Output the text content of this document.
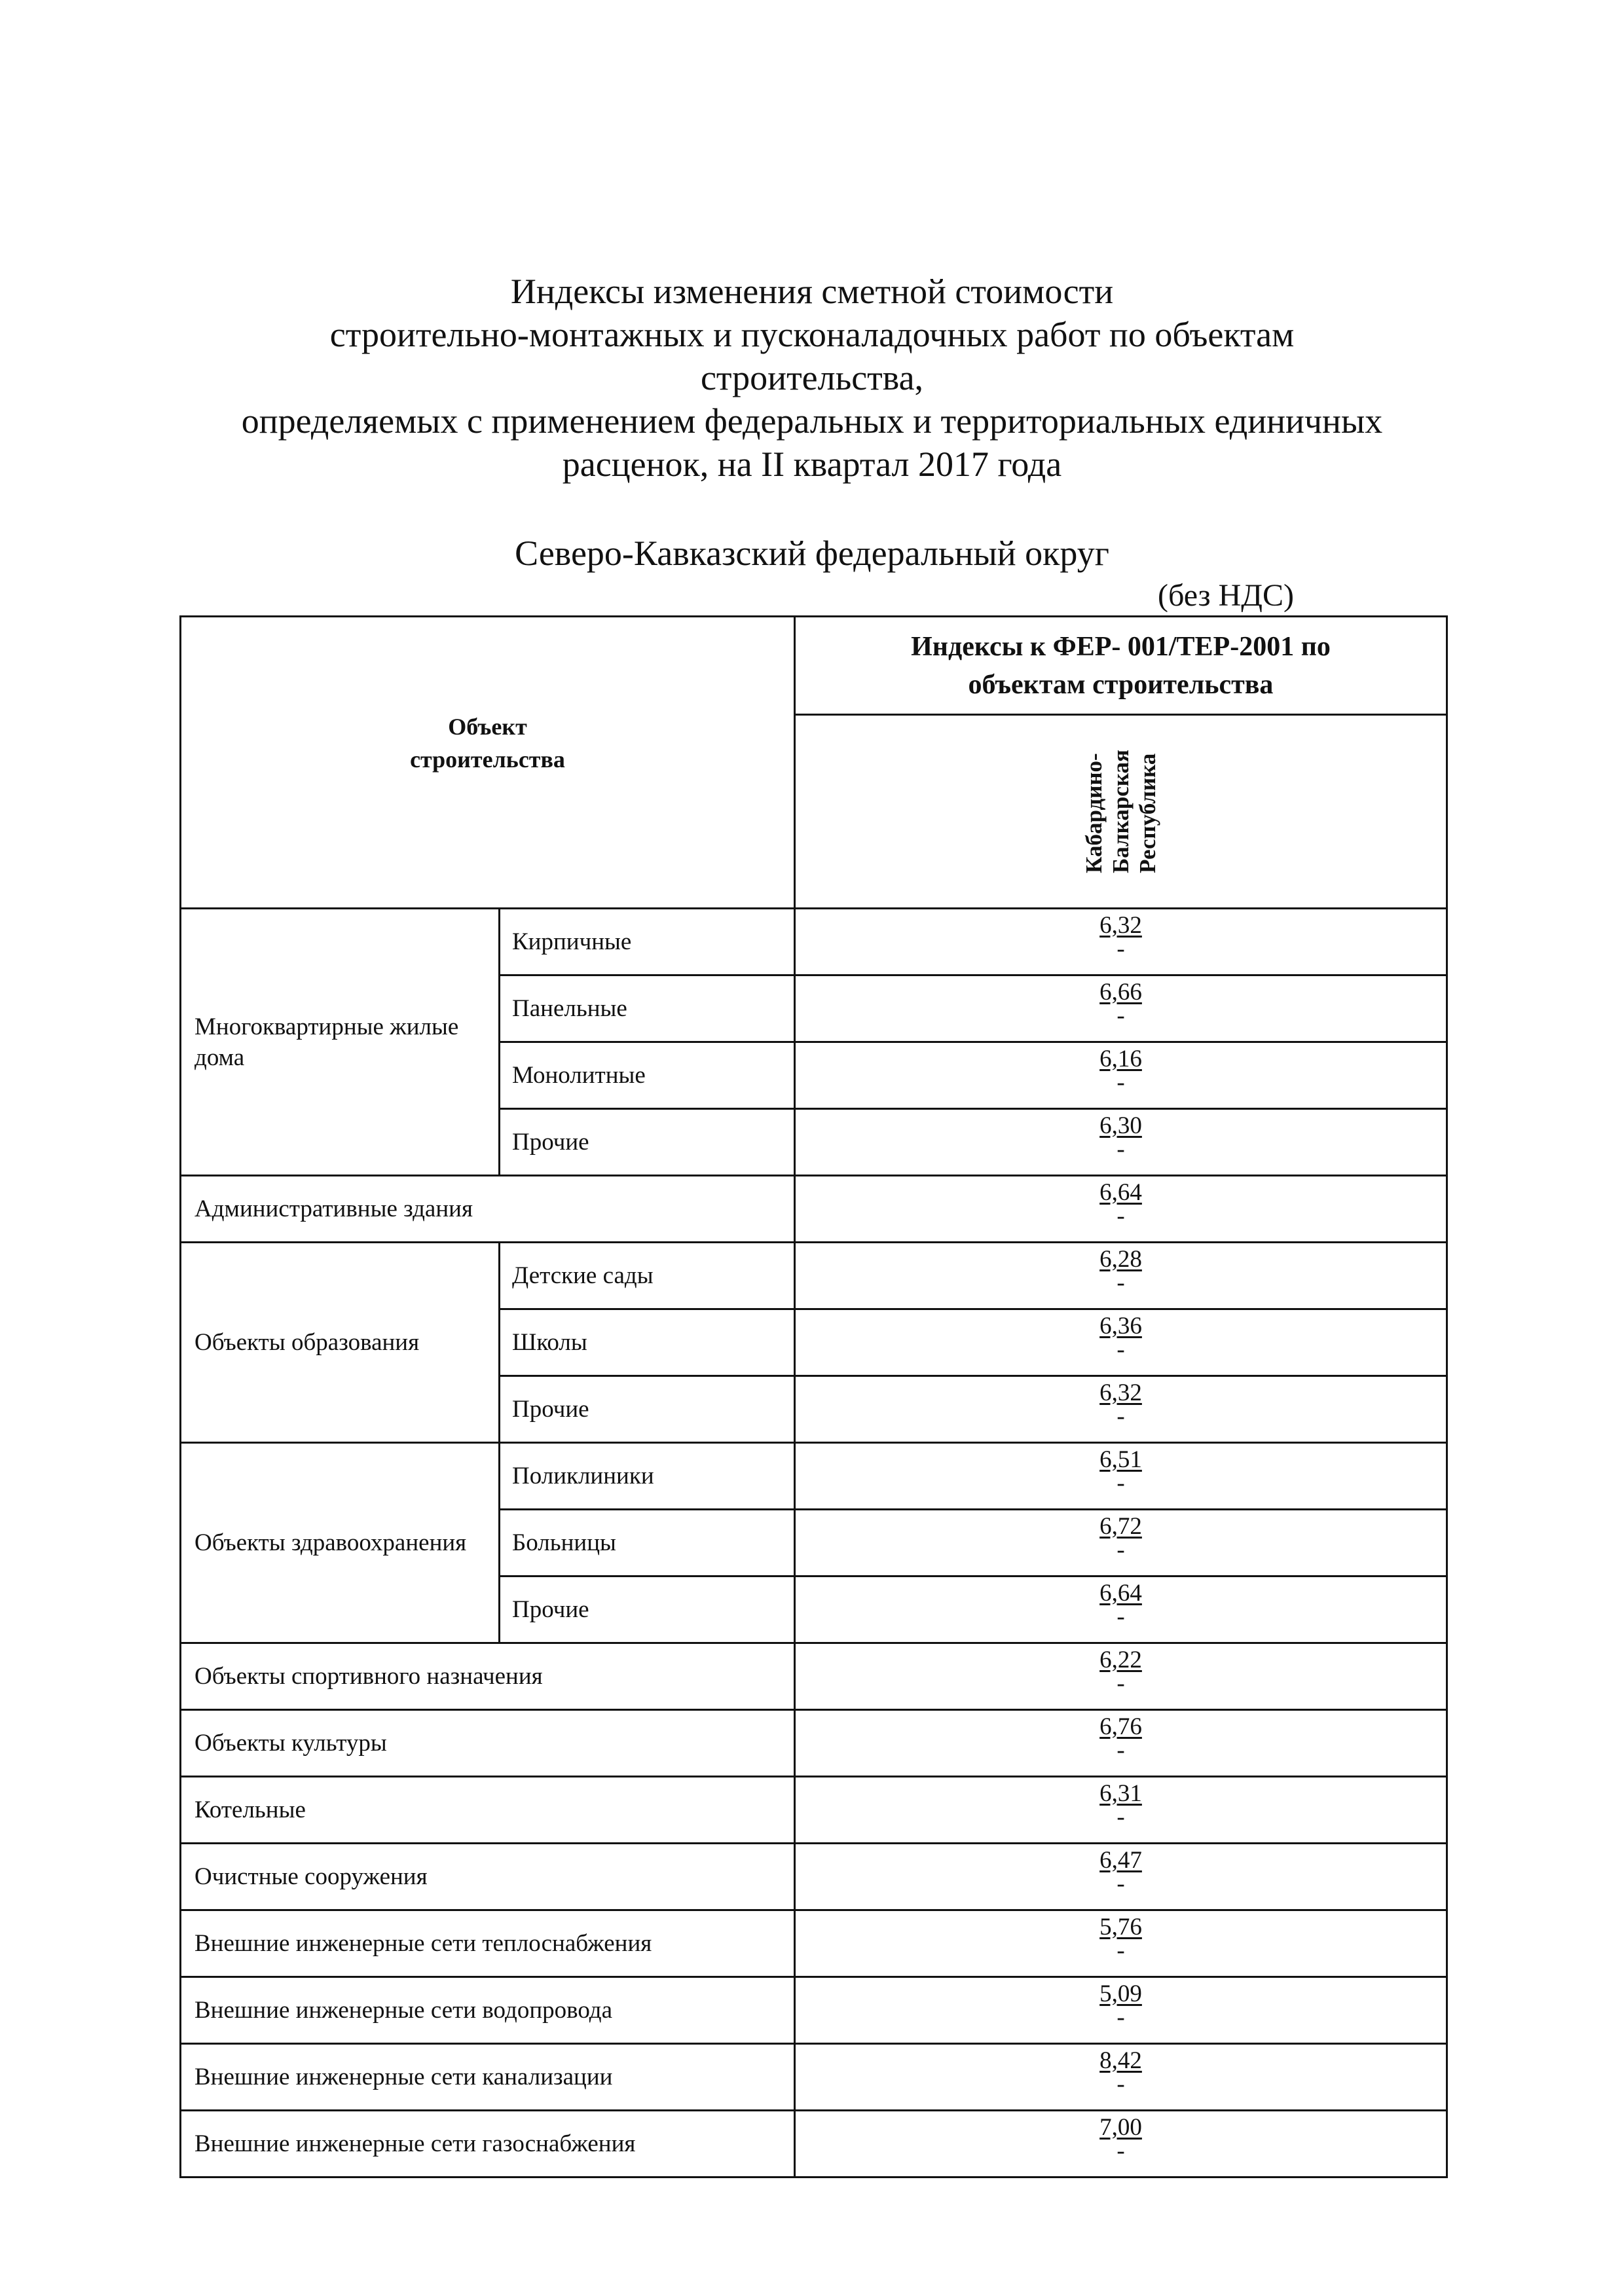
Индексы изменения сметной стоимости
строительно-монтажных и пусконаладочных работ по объектам
строительства,
определяемых с применением федеральных и территориальных единичных
расценок, на II квартал 2017 года
Северо-Кавказский федеральный округ
(без НДС)
Объект
строительства		Индексы к ФЕР- 001/ТЕР-2001 по
объектам строительства
		Кабардино-
Балкарская
Республика
Многоквартирные жилые дома	Кирпичные	6,32
-

	Панельные	6,66
-

	Монолитные	6,16
-

	Прочие	6,30
-

Административные здания		6,64
-

Объекты образования	Детские сады	6,28
-

	Школы	6,36
-

	Прочие	6,32
-

Объекты здравоохранения	Поликлиники	6,51
-

	Больницы	6,72
-

	Прочие	6,64
-

Объекты спортивного назначения		6,22
-

Объекты культуры		6,76
-

Котельные		6,31
-

Очистные сооружения		6,47
-

Внешние инженерные сети теплоснабжения		5,76
-

Внешние инженерные сети водопровода		5,09
-

Внешние инженерные сети канализации		8,42
-

Внешние инженерные сети газоснабжения		7,00
-
